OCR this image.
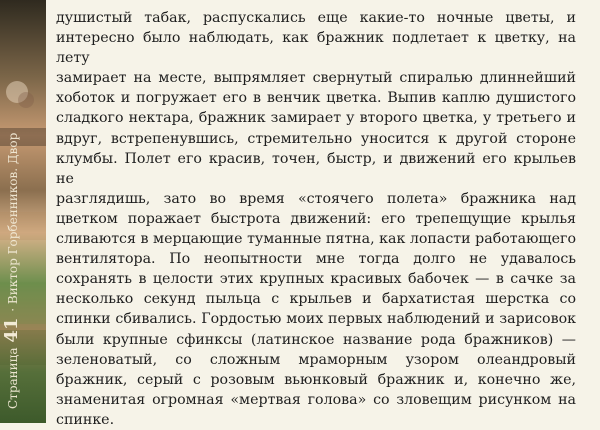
Страница 41 · Виктор Горбенников. Двор
душистый табак, распускались еще какие-то ночные цветы, и
интересно было наблюдать, как бражник подлетает к цветку, на лету
замирает на месте, выпрямляет свернутый спиралью длиннейший
хоботок и погружает его в венчик цветка. Выпив каплю душистого
сладкого нектара, бражник замирает у второго цветка, у третьего и
вдруг, встрепенувшись, стремительно уносится к другой стороне
клумбы. Полет его красив, точен, быстр, и движений его крыльев не
разглядишь, зато во время «стоячего полета» бражника над
цветком поражает быстрота движений: его трепещущие крылья
сливаются в мерцающие туманные пятна, как лопасти работающего
вентилятора. По неопытности мне тогда долго не удавалось
сохранять в целости этих крупных красивых бабочек — в сачке за
несколько секунд пыльца с крыльев и бархатистая шерстка со
спинки сбивались. Гордостью моих первых наблюдений и зарисовок
были крупные сфинксы (латинское название рода бражников) —
зеленоватый, со сложным мраморным узором олеандровый
бражник, серый с розовым вьюнковый бражник и, конечно же,
знаменитая огромная «мертвая голова» со зловещим рисунком на
спинке.
